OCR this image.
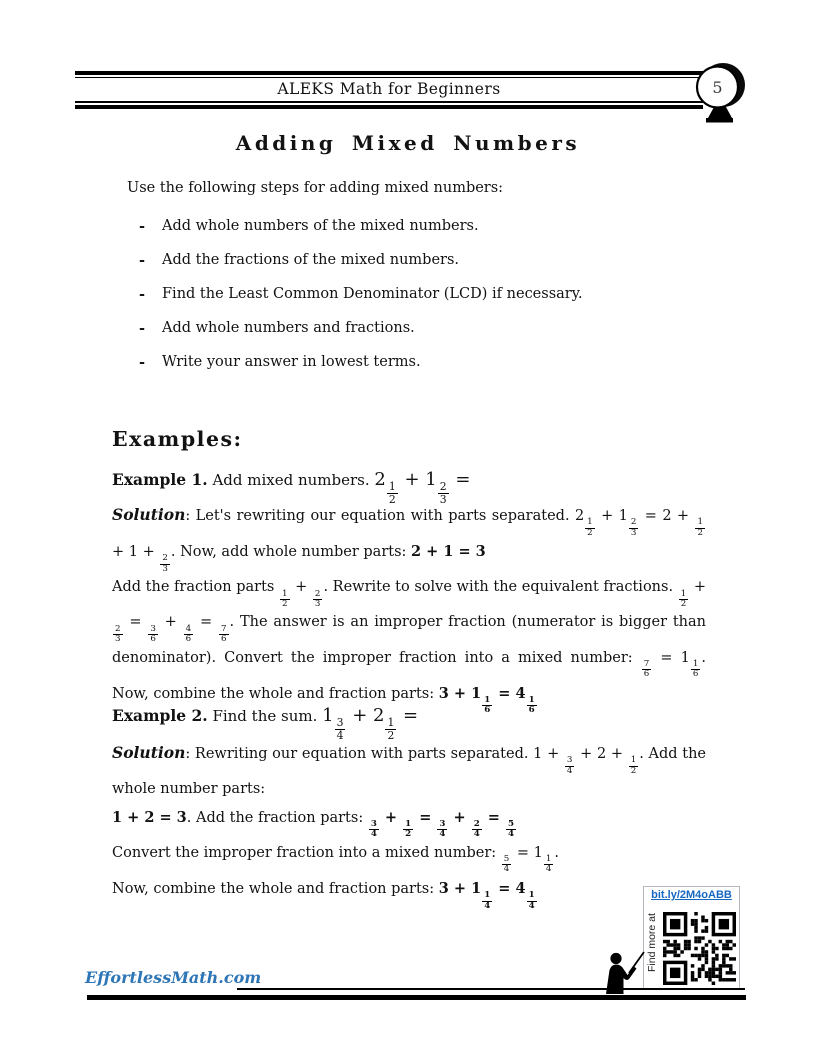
ALEKS Math for Beginners	5
Adding Mixed Numbers

Use the following steps for adding mixed numbers:

-	Add whole numbers of the mixed numbers.
-	Add the fractions of the mixed numbers.
-	Find the Least Common Denominator (LCD) if necessary.
-	Add whole numbers and fractions.
-	Write your answer in lowest terms.
Examples:
Example 1. Add mixed numbers. 2
$\frac{1}{2}$
+ 1
$\frac{2}{3}$
=

Solution: Let's rewriting our equation with parts separated. 2
$\frac{1}{2}$
+ 1
$\frac{2}{3}$
= 2 +
$\frac{1}{2}$
+ 1 +
$\frac{2}{3}$
. Now, add whole number parts: 2 + 1 = 3

Add the fraction parts
$\frac{1}{2}$
+
$\frac{2}{3}$
. Rewrite to solve with the equivalent fractions.
$\frac{1}{2}$
+
$\frac{2}{3}$
=
$\frac{3}{6}$
+
$\frac{4}{6}$
=
$\frac{7}{6}$
. The answer is an improper fraction (numerator is bigger than denominator). Convert the improper fraction into a mixed number:
$\frac{7}{6}$
= 1
$\frac{1}{6}$
. Now, combine the whole and fraction parts: 3 + 1
$\frac{1}{6}$
= 4
$\frac{1}{6}$

Example 2. Find the sum. 1
$\frac{3}{4}$
+ 2
$\frac{1}{2}$
=

Solution: Rewriting our equation with parts separated. 1 +
$\frac{3}{4}$
+ 2 +
$\frac{1}{2}$
. Add the whole number parts:

1 + 2 = 3. Add the fraction parts:
$\frac{3}{4}$
+
$\frac{1}{2}$
=
$\frac{3}{4}$
+
$\frac{2}{4}$
=
$\frac{5}{4}$

Convert the improper fraction into a mixed number:
$\frac{5}{4}$
= 1
$\frac{1}{4}$
.

Now, combine the whole and fraction parts: 3 + 1
$\frac{1}{4}$
= 4
$\frac{1}{4}$	bit.ly/2M4oABB
Find more at
EffortlessMath.com
